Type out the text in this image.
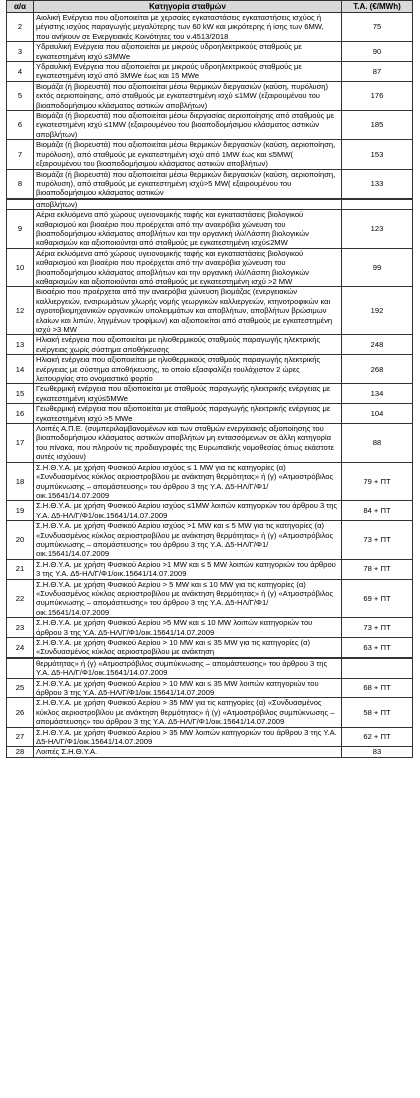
α/α	Κατηγορία σταθμών	Τ.Α. (€/MWh)
2	Αιολική Ενέργεια που αξιοποιείται με χερσαίες εγκαταστάσεις εγκαταστήσεις ισχύος ή μέγιστης ισχύος παραγωγής μεγαλύτερης των 60 kW και μικρότερης ή ίσης των 6MW, που ανήκουν σε Ενεργειακές Κοινότητες του ν.4513/2018	75
3	Υδραυλική Ενέργεια που αξιοποιείται με μικρούς υδροηλεκτρικούς σταθμούς με εγκατεστημένη ισχύ ≤3MWe	90
4	Υδραυλική Ενέργεια που αξιοποιείται με μικρούς υδροηλεκτρικούς σταθμούς με εγκατεστημένη ισχύ από 3MWe έως και 15 MWe	87
5	Βιομάζα (ή βιορευστά) που αξιοποιείται μέσω θερμικών διεργασιών (καύση, πυρόλυση) εκτός αεριοποίησης, από σταθμούς με εγκατεστημένη ισχύ ≤1MW (εξαιρουμένου του βιοαποδομήσιμου κλάσματος αστικών αποβλήτων)	176
6	Βιομάζα (ή βιορευστά) που αξιοποιείται μέσω διεργασίας αεριοποίησης από σταθμούς με εγκατεστημένη ισχύ ≤1MW (εξαιρουμένου του βιοαποδομήσιμου κλάσματος αστικών αποβλήτων)	185
7	Βιομάζα (ή βιορευστά) που αξιοποιείται μέσω θερμικών διεργασιών (καύση, αεριοποίηση, πυρόλυση), από σταθμούς με εγκατεστημένη ισχύ από 1MW έως και ≤5MW( εξαιρουμένου του βιοαποδομήσιμου κλάσματος αστικών αποβλήτων)	153
8	Βιομάζα (ή βιορευστά) που αξιοποιείται μέσω θερμικών διεργασιών (καύση, αεριοποίηση, πυρόλυση), από σταθμούς με εγκατεστημένη ισχύ>5 MW( εξαιρουμένου του βιοαποδομήσιμου κλάσματος αστικών	133
	αποβλήτων)	
9	Αέρια εκλυόμενα από χώρους υγειονομικής ταφής και εγκαταστάσεις βιολογικού καθαρισμού και βιοαέριο που προέρχεται από την αναερόβια χώνευση του βιοαποδομήσιμου κλάσματος αποβλήτων και την οργανική ιλύ/Λάσπη βιολογικών καθαρισμών και αξιοποιούνται από σταθμούς με εγκατεστημένη ισχύ≤2MW	123
10	Αέρια εκλυόμενα από χώρους υγειονομικής ταφής και εγκαταστάσεις βιολογικού καθαρισμού και βιοαέριο που προέρχεται από την αναερόβια χώνευση του βιοαποδομήσιμου κλάσματος αποβλήτων και την οργανική ιλύ/Λάσπη βιολογικών καθαρισμών και αξιοποιούνται από σταθμούς με εγκατεστημένη ισχύ >2 MW	99
12	Βιοαέριο που προέρχεται από την αναερόβια χώνευση βιομάζας (ενεργειακών καλλιεργειών, ενσιρωμάτων χλωρής νομής γεωργικών καλλιεργειών, κτηνοτροφικών και αγροτοβιομηχανικών οργανικών υπολειμμάτων και αποβλήτων, αποβλήτων βρώσιμων ελαίων και λιπών, ληγμένων τροφίμων) και αξιοποιείται από σταθμούς με εγκατεστημένη ισχύ >3 MW	192
13	Ηλιακή ενέργεια που αξιοποιείται με ηλιοθερμικούς σταθμούς παραγωγής ηλεκτρικής ενέργειας χωρίς σύστημα αποθήκευσης	248
14	Ηλιακή ενέργεια που αξιοποιείται με ηλιοθερμικούς σταθμούς παραγωγής ηλεκτρικής ενέργειας με σύστημα αποθήκευσης, το οποίο εξασφαλίζει τουλάχιστον 2 ώρες λειτουργίας στο ονομαστικό φορτίο	268
15	Γεωθερμική ενέργεια που αξιοποιείται με σταθμούς παραγωγής ηλεκτρικής ενέργειας με εγκατεστημένη ισχύ≤5MWe	134
16	Γεωθερμική ενέργεια που αξιοποιείται με σταθμούς παραγωγής ηλεκτρικής ενέργειας με εγκατεστημένη ισχύ >5 MWe	104
17	Λοιπές Α.Π.Ε. (συμπεριλαμβανομένων και των σταθμών ενεργειακής αξιοποίησης του βιοαποδομήσιμου κλάσματος αστικών αποβλήτων μη εντασσόμενων σε άλλη κατηγορία του πίνακα, που πληρούν τις προδιαγραφές της Ευρωπαϊκής νομοθεσίας όπως εκάστοτε αυτές ισχύουν)	88
18	Σ.Η.Θ.Υ.Α. με χρήση Φυσικού Αερίου ισχύος ≤ 1 MW για τις κατηγορίες (α) «Συνδυασμένος κύκλος αεριοστροβίλου με ανάκτηση θερμότητας» ή (γ) «Ατμοστρόβιλος συμπύκνωσης – απομάστευσης» του άρθρου 3 της Υ.Α. Δ5-ΗΛ/Γ/Φ1/οικ.15641/14.07.2009	79 + ΠΤ
19	Σ.Η.Θ.Υ.Α. με χρήση Φυσικού Αερίου ισχύος ≤1MW λοιπών κατηγοριών του άρθρου 3 της Υ.Α. Δ5-ΗΛ/Γ/Φ1/οικ.15641/14.07.2009	84 + ΠΤ
20	Σ.Η.Θ.Υ.Α. με χρήση Φυσικού Αερίου ισχύος >1 MW και ≤ 5 MW για τις κατηγορίες (α) «Συνδυασμένος κύκλος αεριοστροβίλου με ανάκτηση θερμότητας» ή (γ) «Ατμοστρόβιλος συμπύκνωσης – απομάστευσης» του άρθρου 3 της Υ.Α. Δ5-ΗΛ/Γ/Φ1/οικ.15641/14.07.2009	73 + ΠΤ
21	Σ.Η.Θ.Υ.Α. με χρήση Φυσικού Αερίου >1 MW και ≤ 5 MW λοιπών κατηγοριών του άρθρου 3 της Υ.Α. Δ5-ΗΛ/Γ/Φ1/οικ.15641/14.07.2009	78 + ΠΤ
22	Σ.Η.Θ.Υ.Α. με χρήση Φυσικού Αερίου > 5 MW και ≤ 10 MW για τις κατηγορίες (α) «Συνδυασμένος κύκλος αεριοστροβίλου με ανάκτηση θερμότητας» ή (γ) «Ατμοστρόβιλος συμπύκνωσης – απομάστευσης» του άρθρου 3 της Υ.Α. Δ5-ΗΛ/Γ/Φ1/οικ.15641/14.07.2009	69 + ΠΤ
23	Σ.Η.Θ.Υ.Α. με χρήση Φυσικού Αερίου >5 MW και ≤ 10 MW λοιπών κατηγοριών του άρθρου 3 της Υ.Α. Δ5-ΗΛ/Γ/Φ1/οικ.15641/14.07.2009	73 + ΠΤ
24	Σ.Η.Θ.Υ.Α. με χρήση Φυσικού Αερίου > 10 MW και ≤ 35 MW για τις κατηγορίες (α) «Συνδυασμένος κύκλος αεριοστροβίλου με ανάκτηση	63 + ΠΤ
	θερμότητας» ή (γ) «Ατμοστρόβιλος συμπύκνωσης – απομάστευσης» του άρθρου 3 της Υ.Α. Δ5-ΗΛ/Γ/Φ1/οικ.15641/14.07.2009	
25	Σ.Η.Θ.Υ.Α. με χρήση Φυσικού Αερίου > 10 MW και ≤ 35 MW λοιπών κατηγοριών του άρθρου 3 της Υ.Α. Δ5-ΗΛ/Γ/Φ1/οικ.15641/14.07.2009	68 + ΠΤ
26	Σ.Η.Θ.Υ.Α. με χρήση Φυσικού Αερίου > 35 MW για τις κατηγορίες (α) «Συνδυασμένος κύκλος αεριοστροβίλου με ανάκτηση θερμότητας» ή (γ) «Ατμοστρόβιλος συμπύκνωσης – απομάστευσης» του άρθρου 3 της Υ.Α. Δ5-ΗΛ/Γ/Φ1/οικ.15641/14.07.2009	58 + ΠΤ
27	Σ.Η.Θ.Υ.Α. με χρήση Φυσικού Αερίου > 35 MW λοιπών κατηγοριών του άρθρου 3 της Υ.Α. Δ5-ΗΛ/Γ/Φ1/οικ.15641/14.07.2009	62 + ΠΤ
28	Λοιπές Σ.Η.Θ.Υ.Α.	83
